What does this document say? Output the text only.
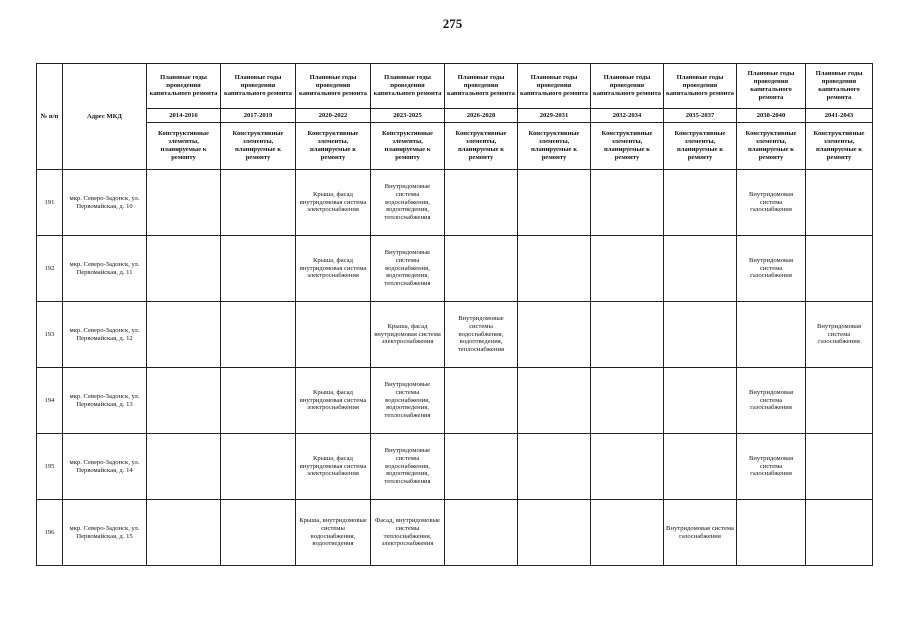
275
№ п/п	Адрес МКД	Плановые годы проведения капитального ремонта	Плановые годы проведения капитального ремонта	Плановые годы проведения капитального ремонта	Плановые годы проведения капитального ремонта	Плановые годы проведения капитального ремонта	Плановые годы проведения капитального ремонта	Плановые годы проведения капитального ремонта	Плановые годы проведения капитального ремонта	Плановые годы проведения капитального ремонта	Плановые годы проведения капитального ремонта
		2014-2016	2017-2019	2020-2022	2023-2025	2026-2028	2029-2031	2032-2034	2035-2037	2038-2040	2041-2043
		Конструктивные элементы, планируемые к ремонту	Конструктивные элементы, планируемые к ремонту	Конструктивные элементы, планируемые к ремонту	Конструктивные элементы, планируемые к ремонту	Конструктивные элементы, планируемые к ремонту	Конструктивные элементы, планируемые к ремонту	Конструктивные элементы, планируемые к ремонту	Конструктивные элементы, планируемые к ремонту	Конструктивные элементы, планируемые к ремонту	Конструктивные элементы, планируемые к ремонту
191	мкр. Северо-Задонск, ул. Первомайская, д. 10			Крыша, фасад внутридомовая система электроснабжения	Внутридомовые системы водоснабжения, водоотведения, теплоснабжения					Внутридомовая система газоснабжения	
192	мкр. Северо-Задонск, ул. Первомайская, д. 11			Крыша, фасад внутридомовая система электроснабжения	Внутридомовые системы водоснабжения, водоотведения, теплоснабжения					Внутридомовая система газоснабжения	
193	мкр. Северо-Задонск, ул. Первомайская, д. 12				Крыша, фасад внутридомовая система электроснабжения	Внутридомовые системы водоснабжения, водоотведения, теплоснабжения					Внутридомовая система газоснабжения
194	мкр. Северо-Задонск, ул. Первомайская, д. 13			Крыша, фасад внутридомовая система электроснабжения	Внутридомовые системы водоснабжения, водоотведения, теплоснабжения					Внутридомовая система газоснабжения	
195	мкр. Северо-Задонск, ул. Первомайская, д. 14			Крыша, фасад внутридомовая система электроснабжения	Внутридомовые системы водоснабжения, водоотведения, теплоснабжения					Внутридомовая система газоснабжения	
196	мкр. Северо-Задонск, ул. Первомайская, д. 15			Крыша, внутридомовые системы водоснабжения, водоотведения	Фасад, внутридомовые системы теплоснабжения, электроснабжения				Внутридомовая система газоснабжения		
